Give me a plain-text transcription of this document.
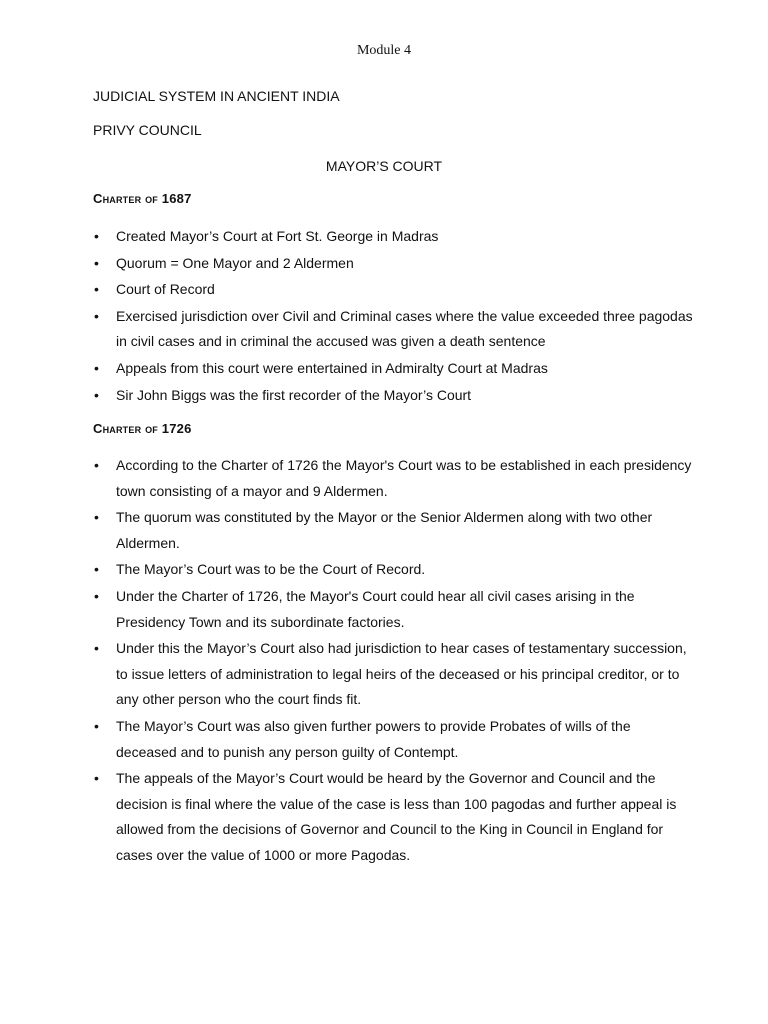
Module 4
JUDICIAL SYSTEM IN ANCIENT INDIA
PRIVY COUNCIL
MAYOR’S COURT
Charter of 1687
• Created Mayor’s Court at Fort St. George in Madras
• Quorum = One Mayor and 2 Aldermen
• Court of Record
• Exercised jurisdiction over Civil and Criminal cases where the value exceeded three pagodas in civil cases and in criminal the accused was given a death sentence
• Appeals from this court were entertained in Admiralty Court at Madras
• Sir John Biggs was the first recorder of the Mayor’s Court
Charter of 1726
• According to the Charter of 1726 the Mayor's Court was to be established in each presidency town consisting of a mayor and 9 Aldermen.
• The quorum was constituted by the Mayor or the Senior Aldermen along with two other Aldermen.
• The Mayor’s Court was to be the Court of Record.
• Under the Charter of 1726, the Mayor's Court could hear all civil cases arising in the Presidency Town and its subordinate factories.
• Under this the Mayor’s Court also had jurisdiction to hear cases of testamentary succession, to issue letters of administration to legal heirs of the deceased or his principal creditor, or to any other person who the court finds fit.
• The Mayor’s Court was also given further powers to provide Probates of wills of the deceased and to punish any person guilty of Contempt.
• The appeals of the Mayor’s Court would be heard by the Governor and Council and the decision is final where the value of the case is less than 100 pagodas and further appeal is allowed from the decisions of Governor and Council to the King in Council in England for cases over the value of 1000 or more Pagodas.
